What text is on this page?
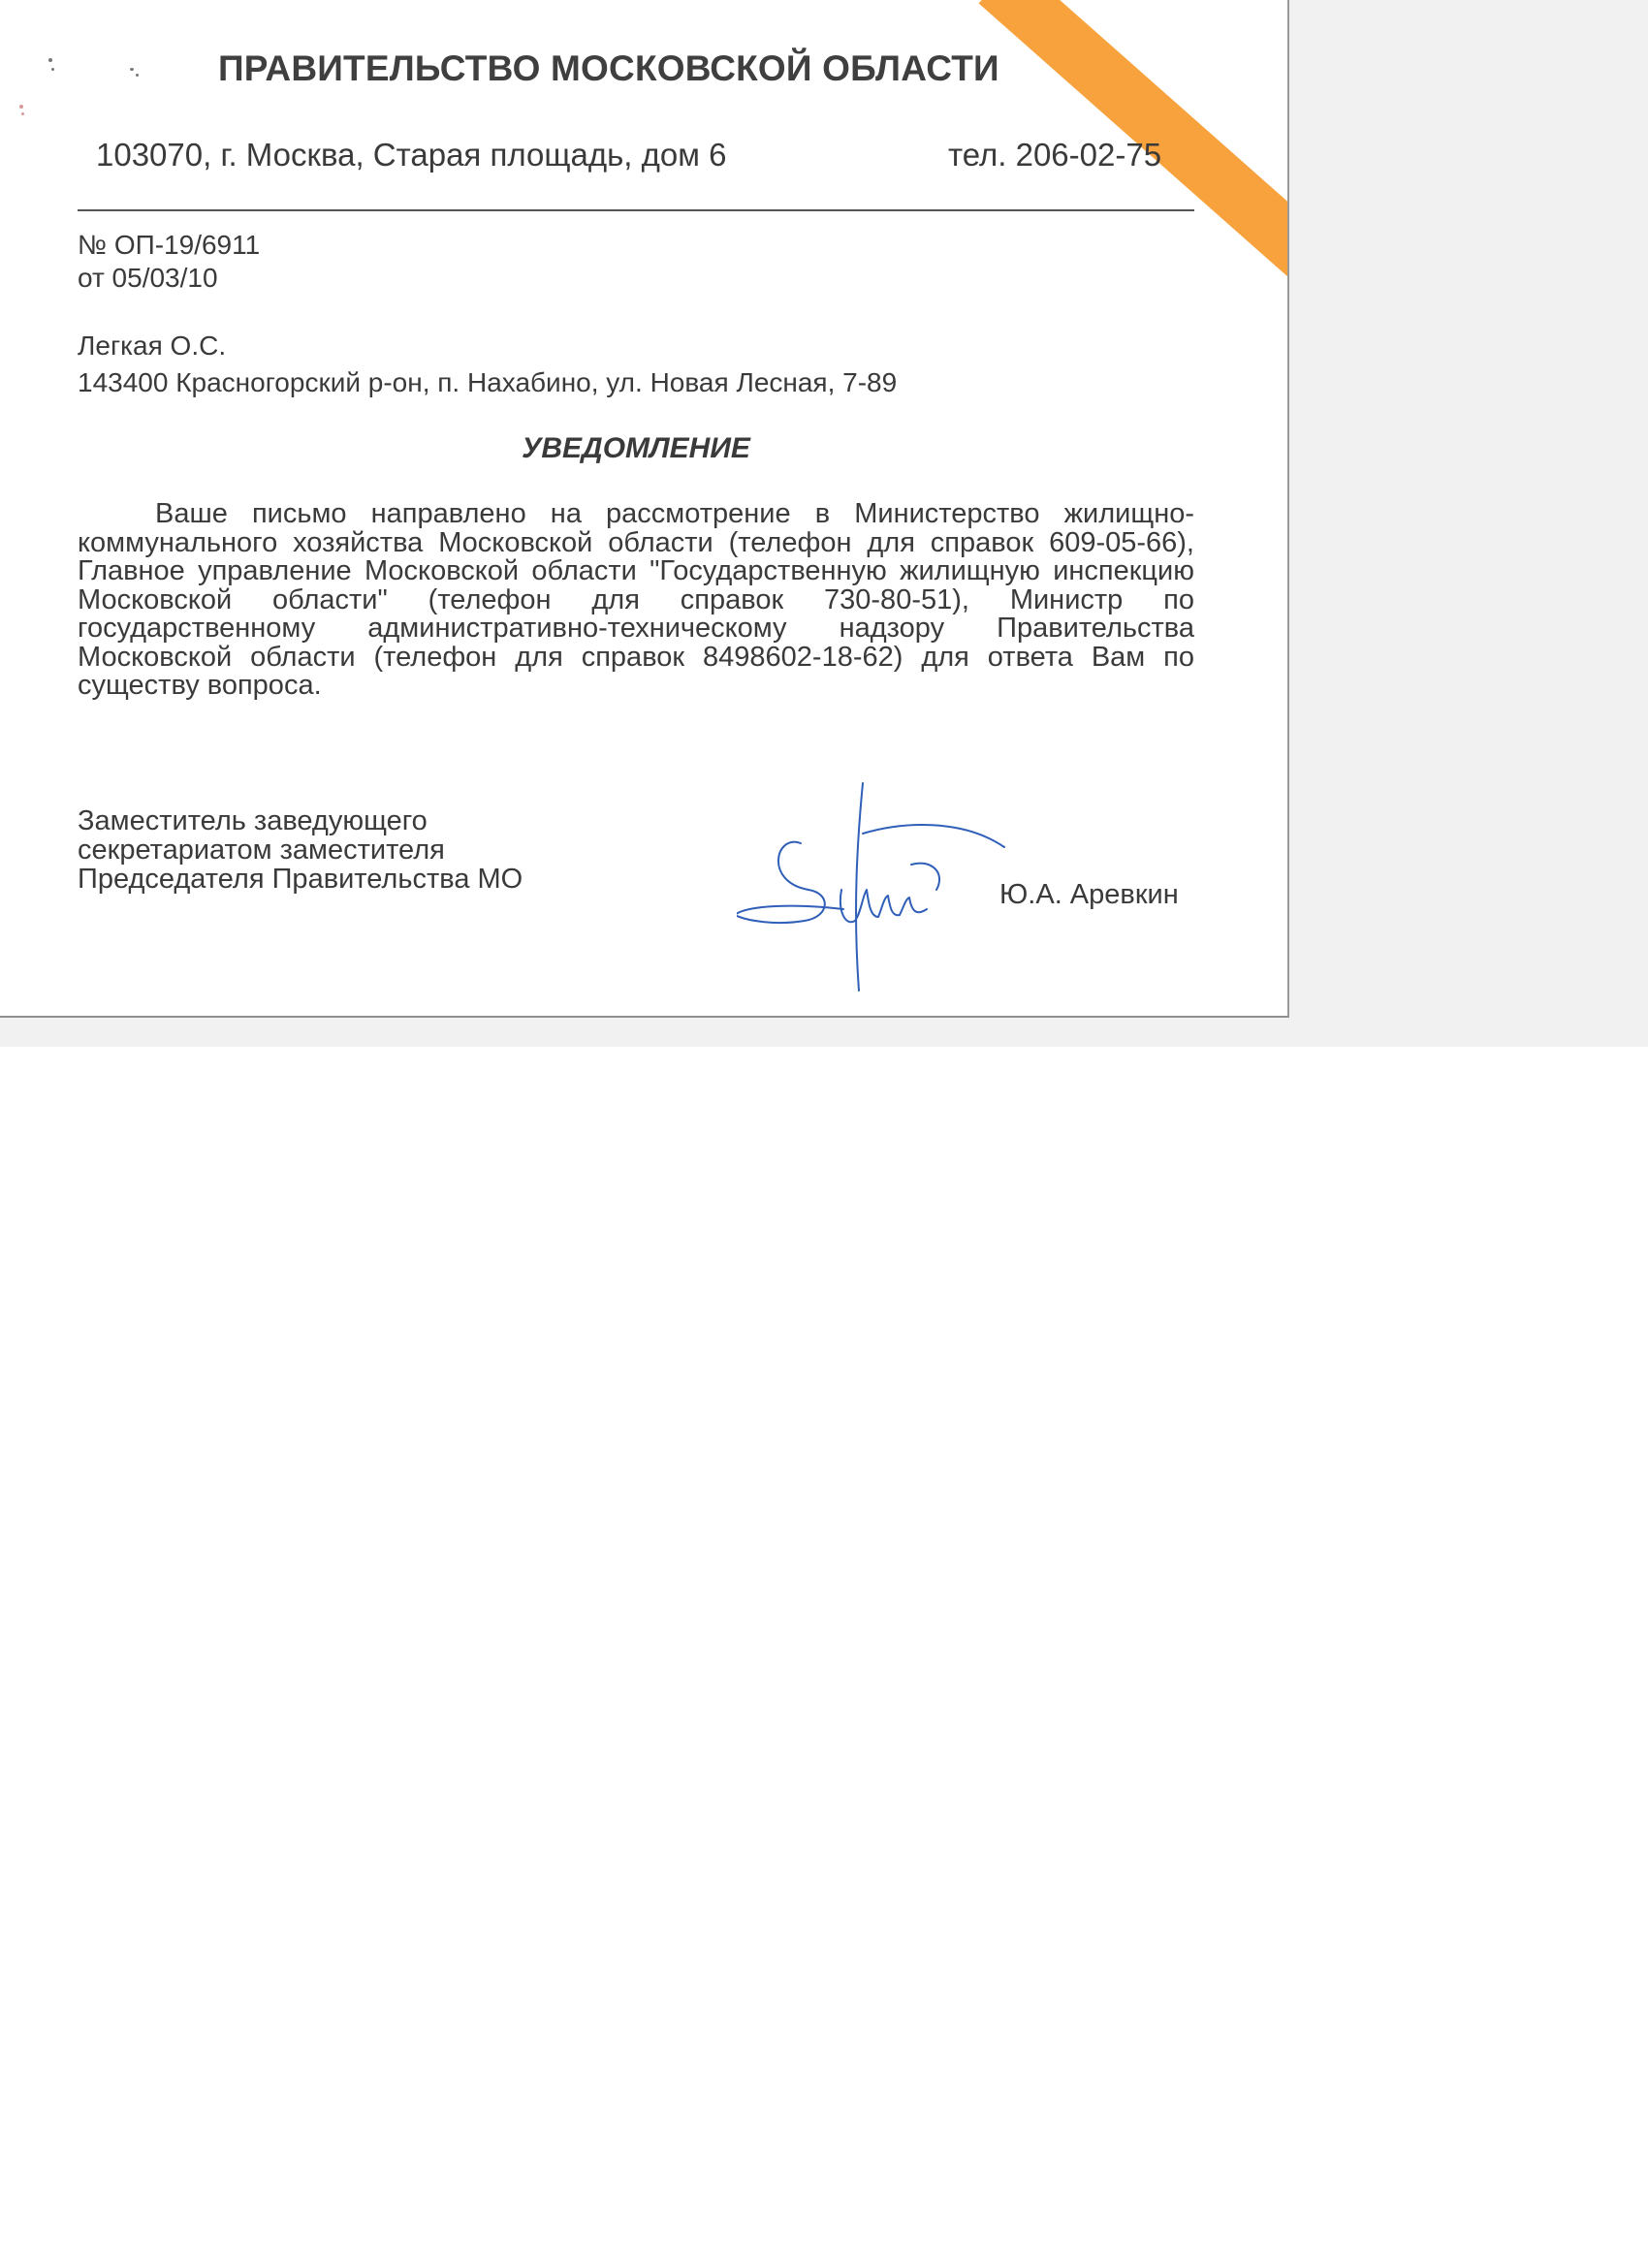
ПРАВИТЕЛЬСТВО МОСКОВСКОЙ ОБЛАСТИ
103070, г. Москва, Старая площадь, дом 6	тел. 206-02-75
№ ОП-19/6911
от 05/03/10
Легкая О.С.
143400 Красногорский р-он, п. Нахабино, ул. Новая Лесная, 7-89
УВЕДОМЛЕНИЕ
Ваше письмо направлено на рассмотрение в Министерство жилищно-коммунального хозяйства Московской области (телефон для справок 609-05-66), Главное управление Московской области "Государственную жилищную инспекцию Московской области" (телефон для справок 730-80-51), Министр по государственному административно-техническому надзору Правительства Московской области (телефон для справок 8498602-18-62) для ответа Вам по существу вопроса.
Заместитель заведующего
секретариатом заместителя
Председателя Правительства МО	Ю.А. Аревкин
